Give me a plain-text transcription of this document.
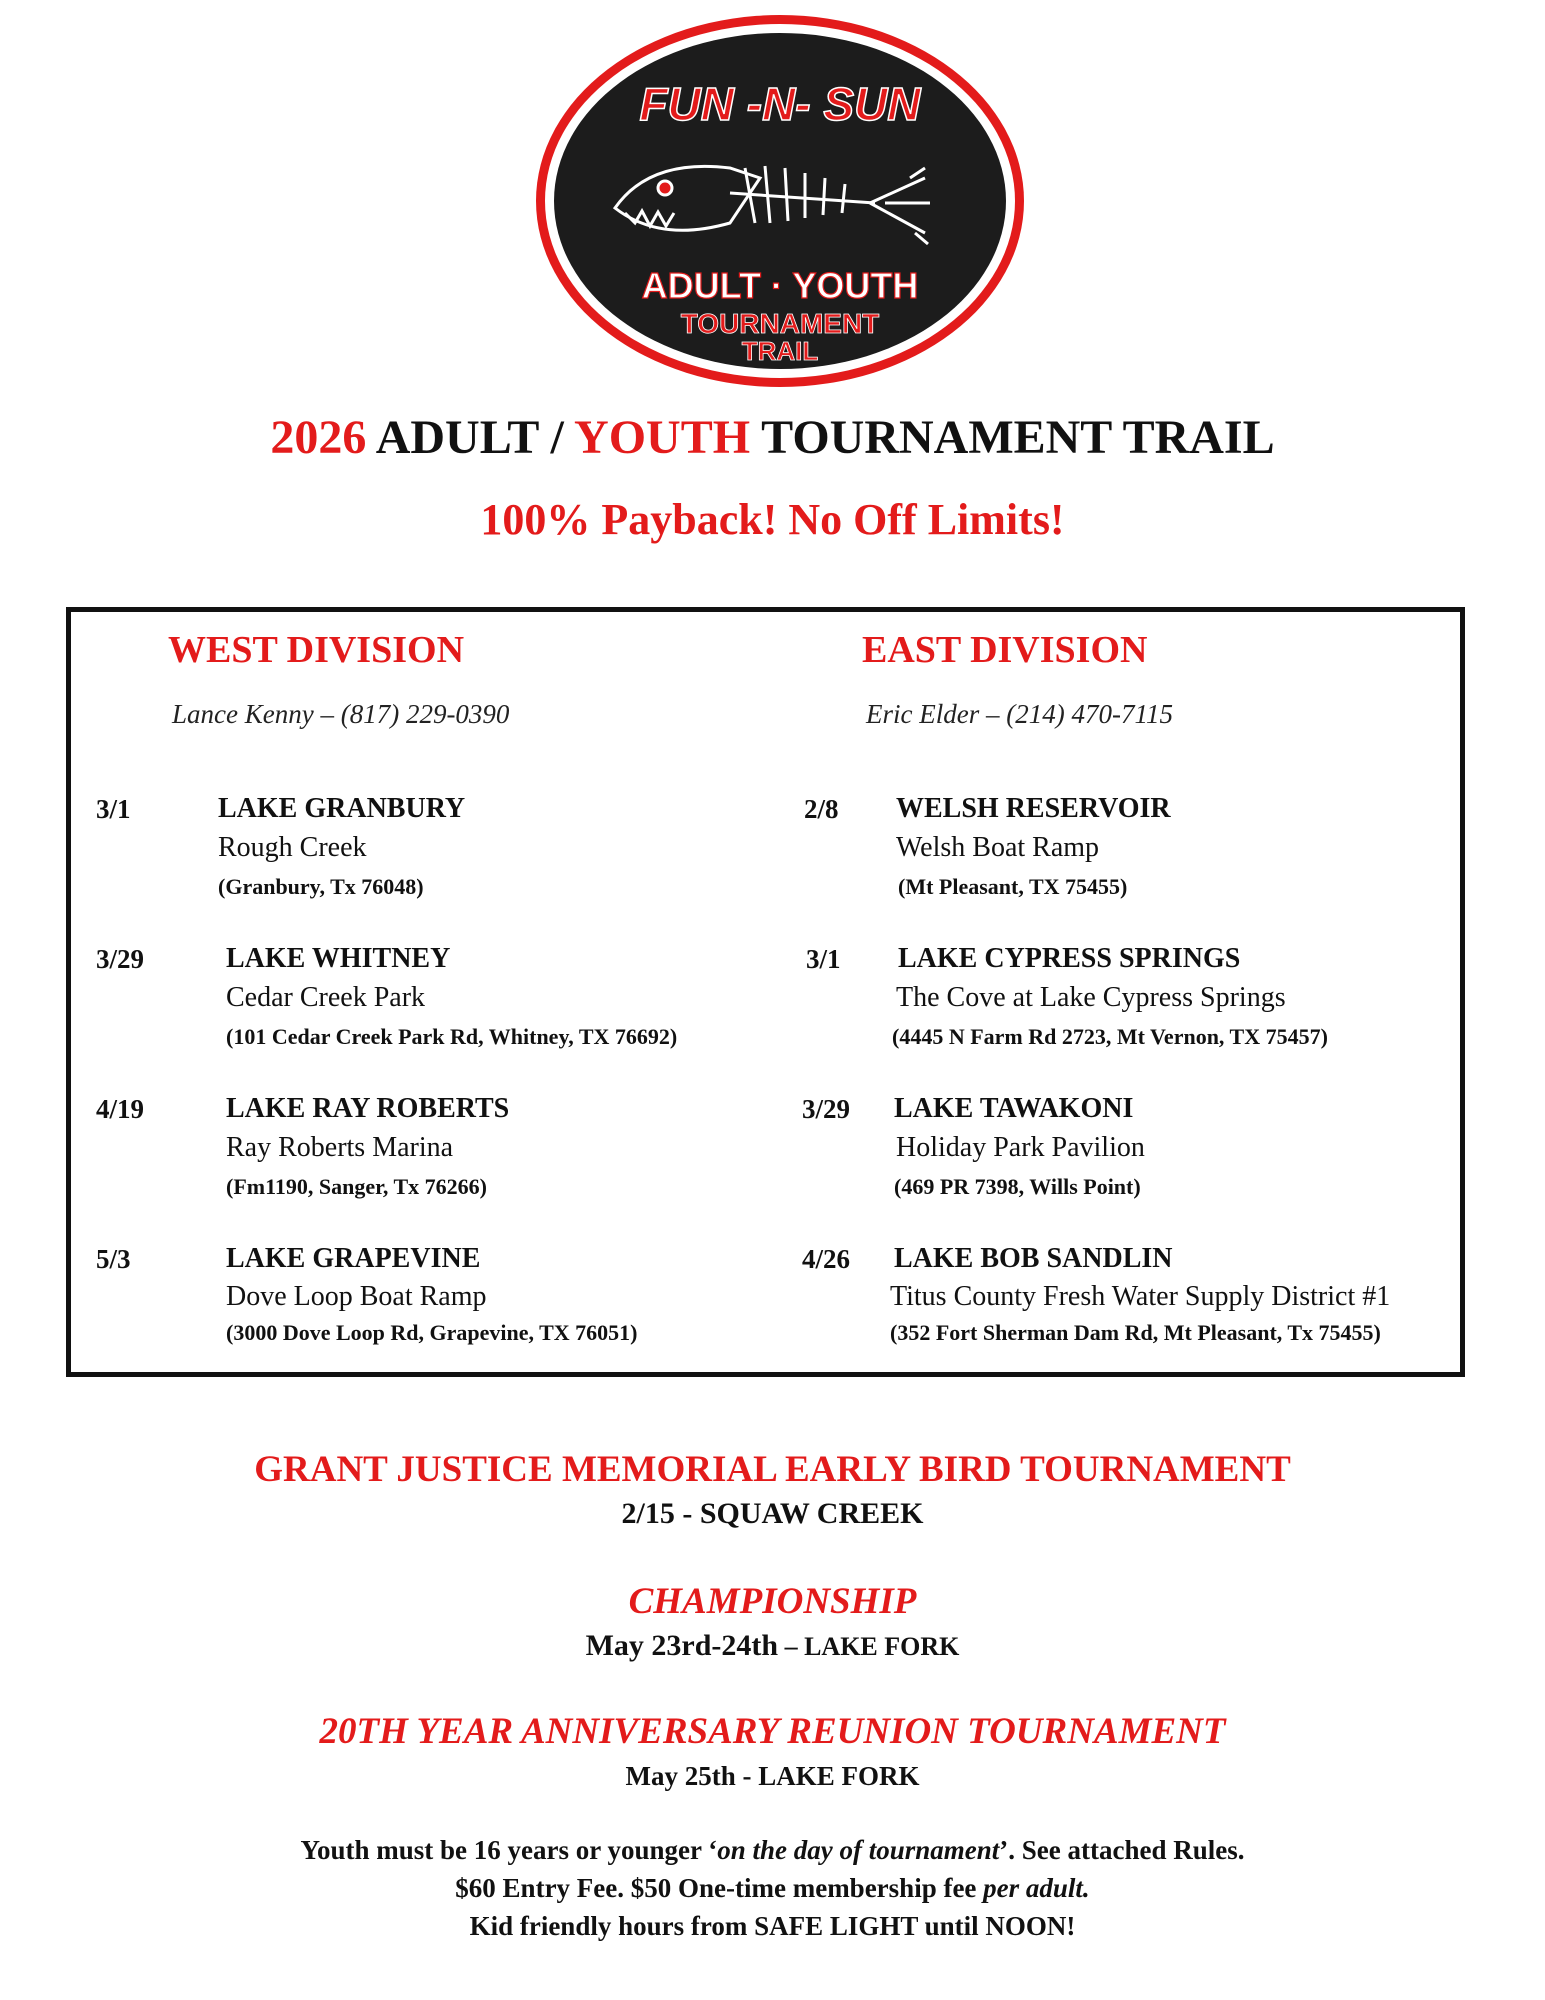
FUN -N- SUN
ADULT · YOUTH
TOURNAMENT
TRAIL
2026 ADULT / YOUTH TOURNAMENT TRAIL
100% Payback! No Off Limits!
WEST DIVISION
Lance Kenny – (817) 229-0390
3/1	LAKE GRANBURY
Rough Creek
(Granbury, Tx 76048)
3/29	LAKE WHITNEY
Cedar Creek Park
(101 Cedar Creek Park Rd, Whitney, TX 76692)
4/19	LAKE RAY ROBERTS
Ray Roberts Marina
(Fm1190, Sanger, Tx 76266)
5/3	LAKE GRAPEVINE
Dove Loop Boat Ramp
(3000 Dove Loop Rd, Grapevine, TX 76051)
EAST DIVISION
Eric Elder – (214) 470-7115
2/8 WELSH RESERVOIR
Welsh Boat Ramp
(Mt Pleasant, TX 75455)
3/1 LAKE CYPRESS SPRINGS
The Cove at Lake Cypress Springs
(4445 N Farm Rd 2723, Mt Vernon, TX 75457)
3/29 LAKE TAWAKONI
Holiday Park Pavilion
(469 PR 7398, Wills Point)
4/26 LAKE BOB SANDLIN
Titus County Fresh Water Supply District #1
(352 Fort Sherman Dam Rd, Mt Pleasant, Tx 75455)
GRANT JUSTICE MEMORIAL EARLY BIRD TOURNAMENT
2/15 - SQUAW CREEK
CHAMPIONSHIP
May 23rd-24th – LAKE FORK
20TH YEAR ANNIVERSARY REUNION TOURNAMENT
May 25th - LAKE FORK
Youth must be 16 years or younger ‘on the day of tournament’. See attached Rules.
$60 Entry Fee. $50 One-time membership fee per adult.
Kid friendly hours from SAFE LIGHT until NOON!
